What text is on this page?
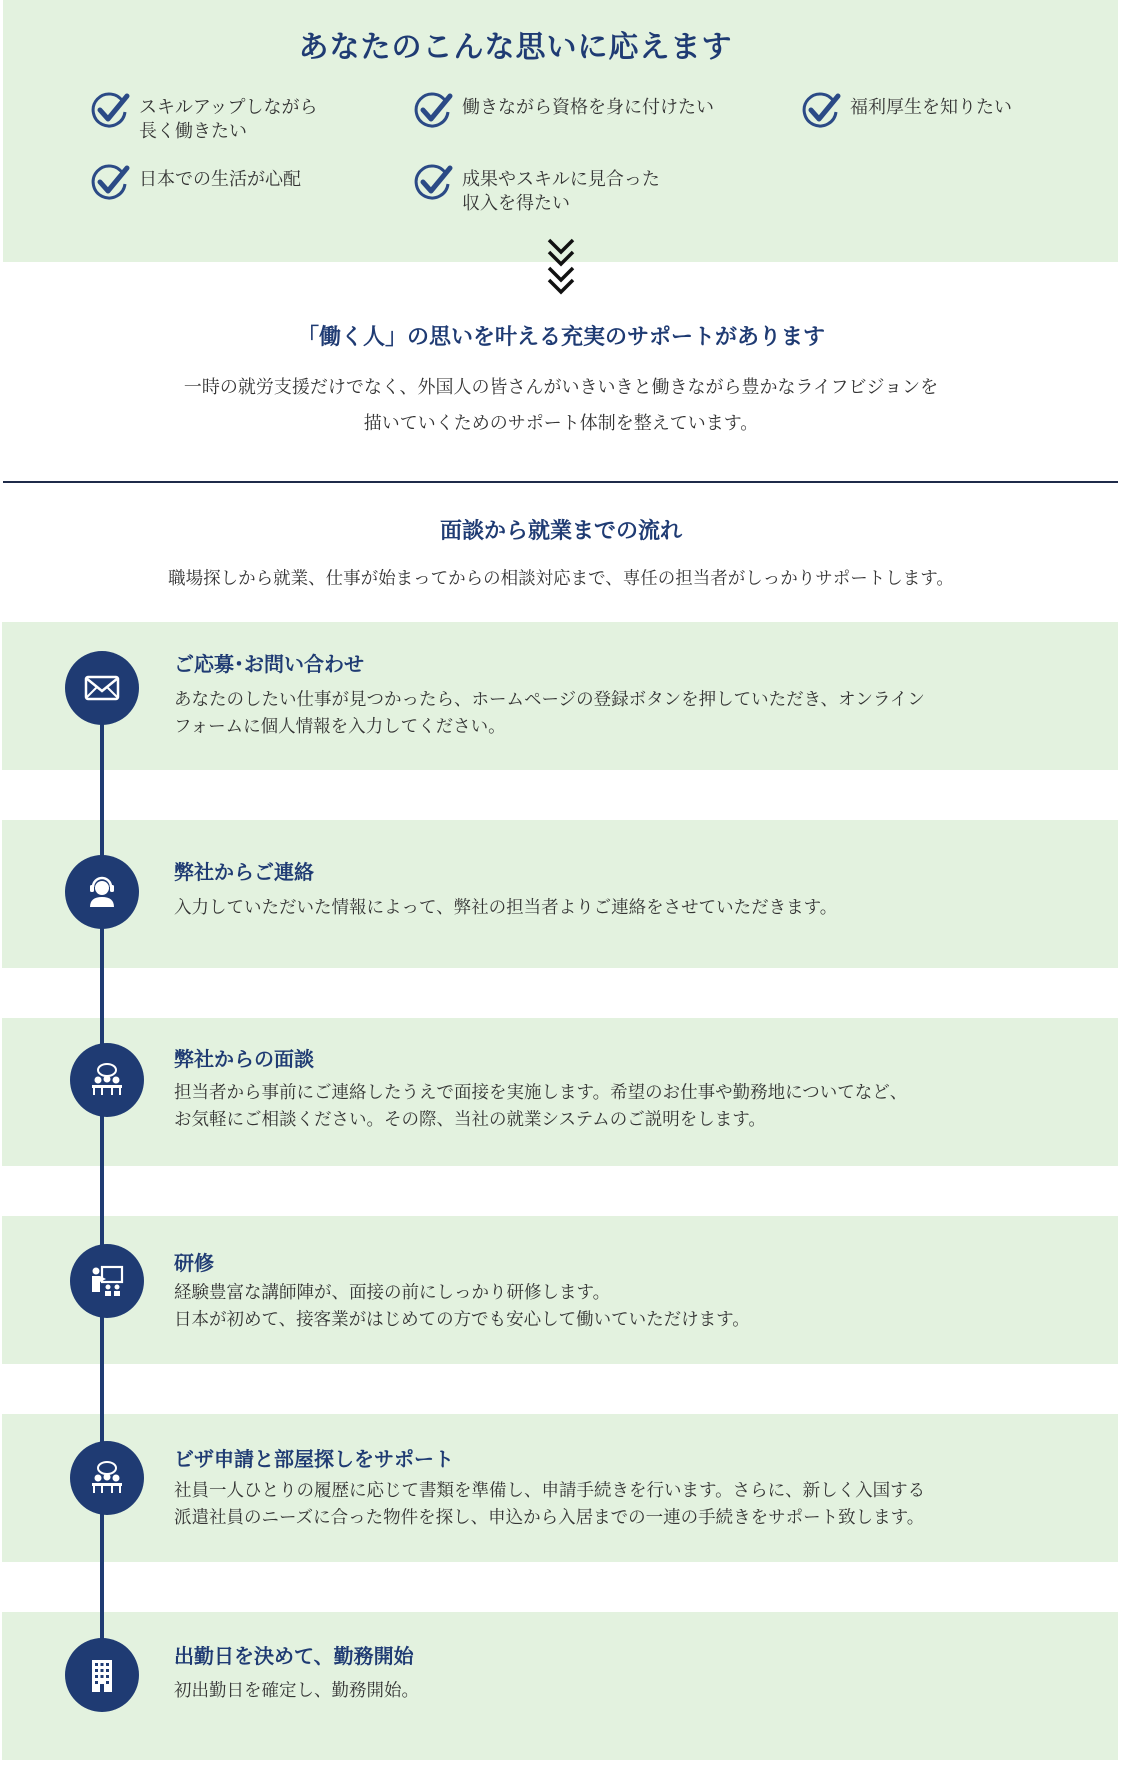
あなたのこんな思いに応えます
スキルアップしながら
長く働きたい
働きながら資格を身に付けたい	福利厚生を知りたい
日本での生活が心配	成果やスキルに見合った
収入を得たい
「働く人」の思いを叶える充実のサポートがあります
一時の就労支援だけでなく、外国人の皆さんがいきいきと働きながら豊かなライフビジョンを
描いていくためのサポート体制を整えています。
面談から就業までの流れ
職場探しから就業、仕事が始まってからの相談対応まで、専任の担当者がしっかりサポートします。
ご応募･お問い合わせ
あなたのしたい仕事が見つかったら、ホームページの登録ボタンを押していただき、オンライン
フォームに個人情報を入力してください。
弊社からご連絡
入力していただいた情報によって、弊社の担当者よりご連絡をさせていただきます。
弊社からの面談
担当者から事前にご連絡したうえで面接を実施します。希望のお仕事や勤務地についてなど、
お気軽にご相談ください。その際、当社の就業システムのご説明をします。
研修
経験豊富な講師陣が、面接の前にしっかり研修します。
日本が初めて、接客業がはじめての方でも安心して働いていただけます。
ビザ申請と部屋探しをサポート
社員一人ひとりの履歴に応じて書類を準備し、申請手続きを行います。さらに、新しく入国する
派遣社員のニーズに合った物件を探し、申込から入居までの一連の手続きをサポート致します。
出勤日を決めて、勤務開始
初出勤日を確定し、勤務開始。
